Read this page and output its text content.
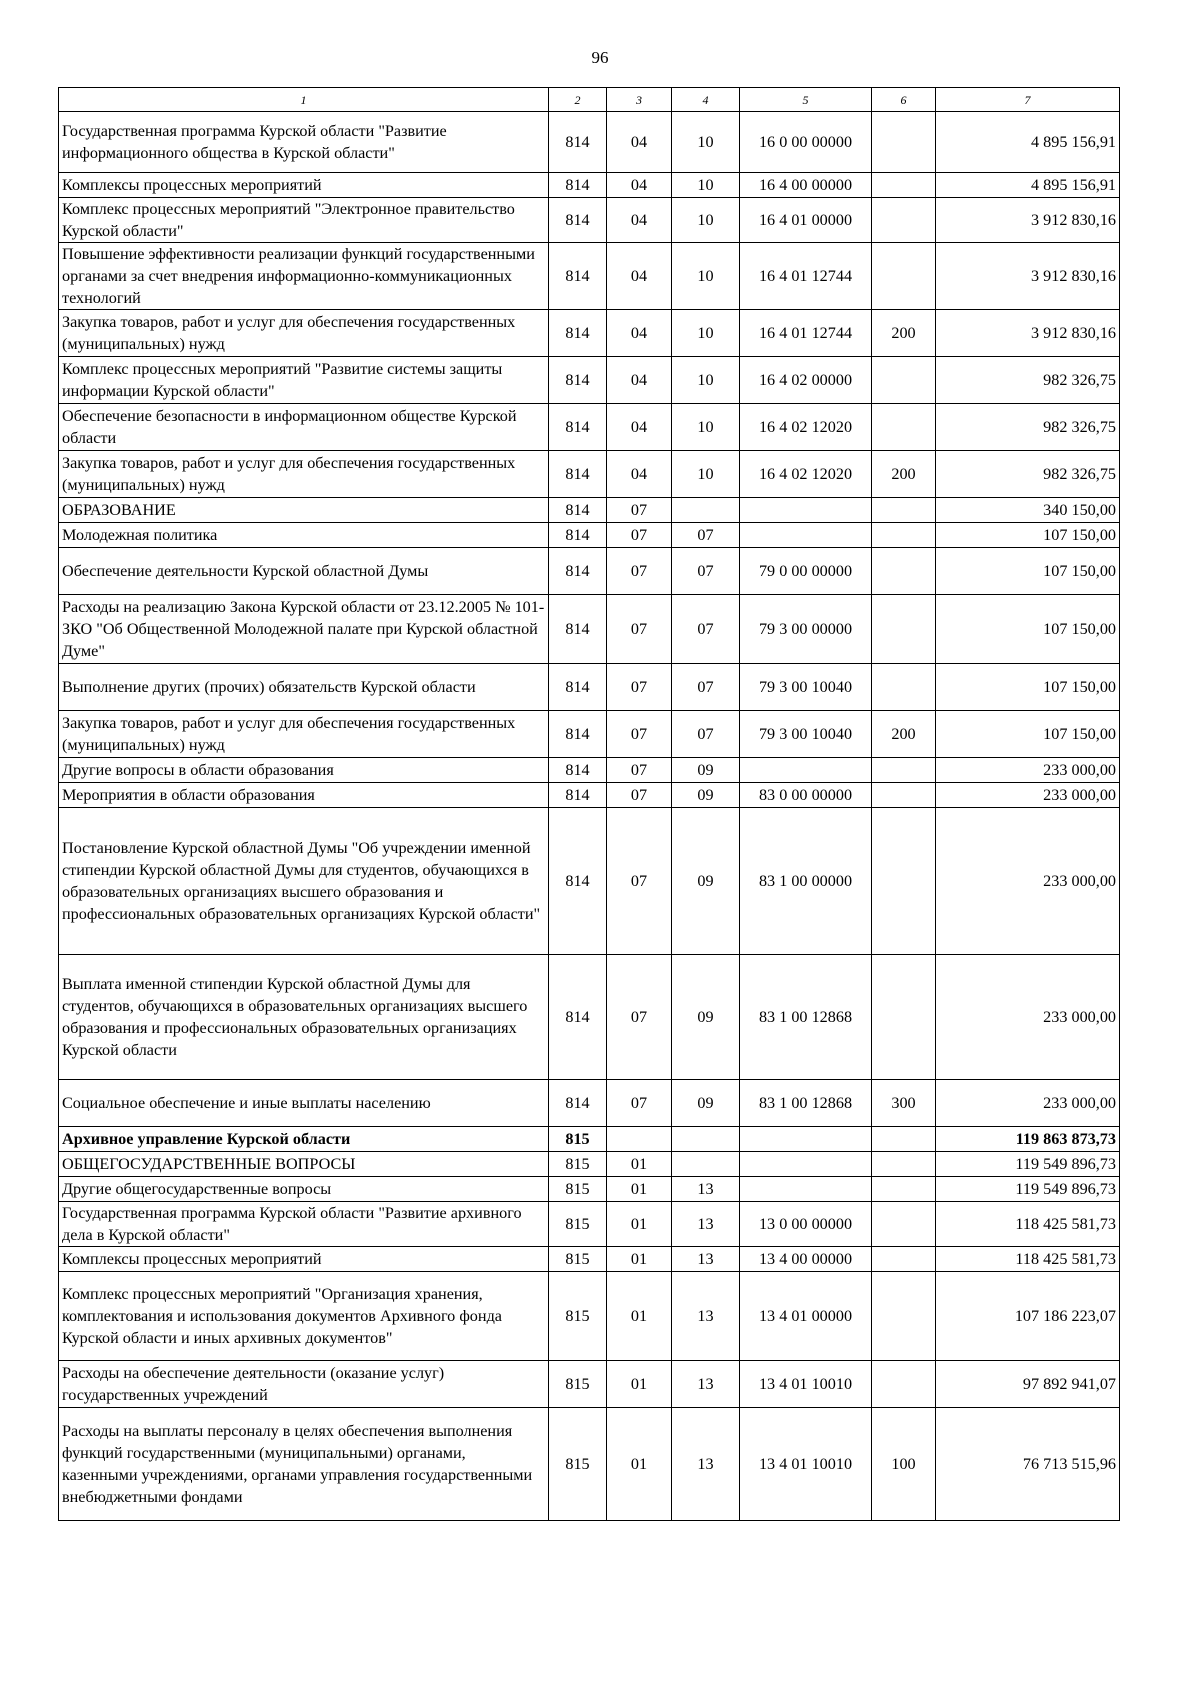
96
1	2	3	4	5	6	7
Государственная программа Курской области "Развитие информационного общества в Курской области"	814	04	10	16 0 00 00000		4 895 156,91
Комплексы процессных мероприятий	814	04	10	16 4 00 00000		4 895 156,91
Комплекс процессных мероприятий "Электронное правительство Курской области"	814	04	10	16 4 01 00000		3 912 830,16
Повышение эффективности реализации функций государственными органами за счет внедрения информационно-коммуникационных технологий	814	04	10	16 4 01 12744		3 912 830,16
Закупка товаров, работ и услуг для обеспечения государственных (муниципальных) нужд	814	04	10	16 4 01 12744	200	3 912 830,16
Комплекс процессных мероприятий "Развитие системы защиты информации Курской области"	814	04	10	16 4 02 00000		982 326,75
Обеспечение безопасности в информационном обществе Курской области	814	04	10	16 4 02 12020		982 326,75
Закупка товаров, работ и услуг для обеспечения государственных (муниципальных) нужд	814	04	10	16 4 02 12020	200	982 326,75
ОБРАЗОВАНИЕ	814	07				340 150,00
Молодежная политика	814	07	07			107 150,00
Обеспечение деятельности Курской областной Думы	814	07	07	79 0 00 00000		107 150,00
Расходы на реализацию Закона Курской области от 23.12.2005 № 101-ЗКО "Об Общественной Молодежной палате при Курской областной Думе"	814	07	07	79 3 00 00000		107 150,00
Выполнение других (прочих) обязательств Курской области	814	07	07	79 3 00 10040		107 150,00
Закупка товаров, работ и услуг для обеспечения государственных (муниципальных) нужд	814	07	07	79 3 00 10040	200	107 150,00
Другие вопросы в области образования	814	07	09			233 000,00
Мероприятия в области образования	814	07	09	83 0 00 00000		233 000,00
Постановление Курской областной Думы "Об учреждении именной стипендии Курской областной Думы для студентов, обучающихся в образовательных организациях высшего образования и профессиональных образовательных организациях Курской области"	814	07	09	83 1 00 00000		233 000,00
Выплата именной стипендии Курской областной Думы для студентов, обучающихся в образовательных организациях высшего образования и профессиональных образовательных организациях Курской области	814	07	09	83 1 00 12868		233 000,00
Социальное обеспечение и иные выплаты населению	814	07	09	83 1 00 12868	300	233 000,00
Архивное управление Курской области	815					119 863 873,73
ОБЩЕГОСУДАРСТВЕННЫЕ ВОПРОСЫ	815	01				119 549 896,73
Другие общегосударственные вопросы	815	01	13			119 549 896,73
Государственная программа Курской области "Развитие архивного дела в Курской области"	815	01	13	13 0 00 00000		118 425 581,73
Комплексы процессных мероприятий	815	01	13	13 4 00 00000		118 425 581,73
Комплекс процессных мероприятий "Организация хранения, комплектования и использования документов Архивного фонда Курской области и иных архивных документов"	815	01	13	13 4 01 00000		107 186 223,07
Расходы на обеспечение деятельности (оказание услуг) государственных учреждений	815	01	13	13 4 01 10010		97 892 941,07
Расходы на выплаты персоналу в целях обеспечения выполнения функций государственными (муниципальными) органами, казенными учреждениями, органами управления государственными внебюджетными фондами	815	01	13	13 4 01 10010	100	76 713 515,96
